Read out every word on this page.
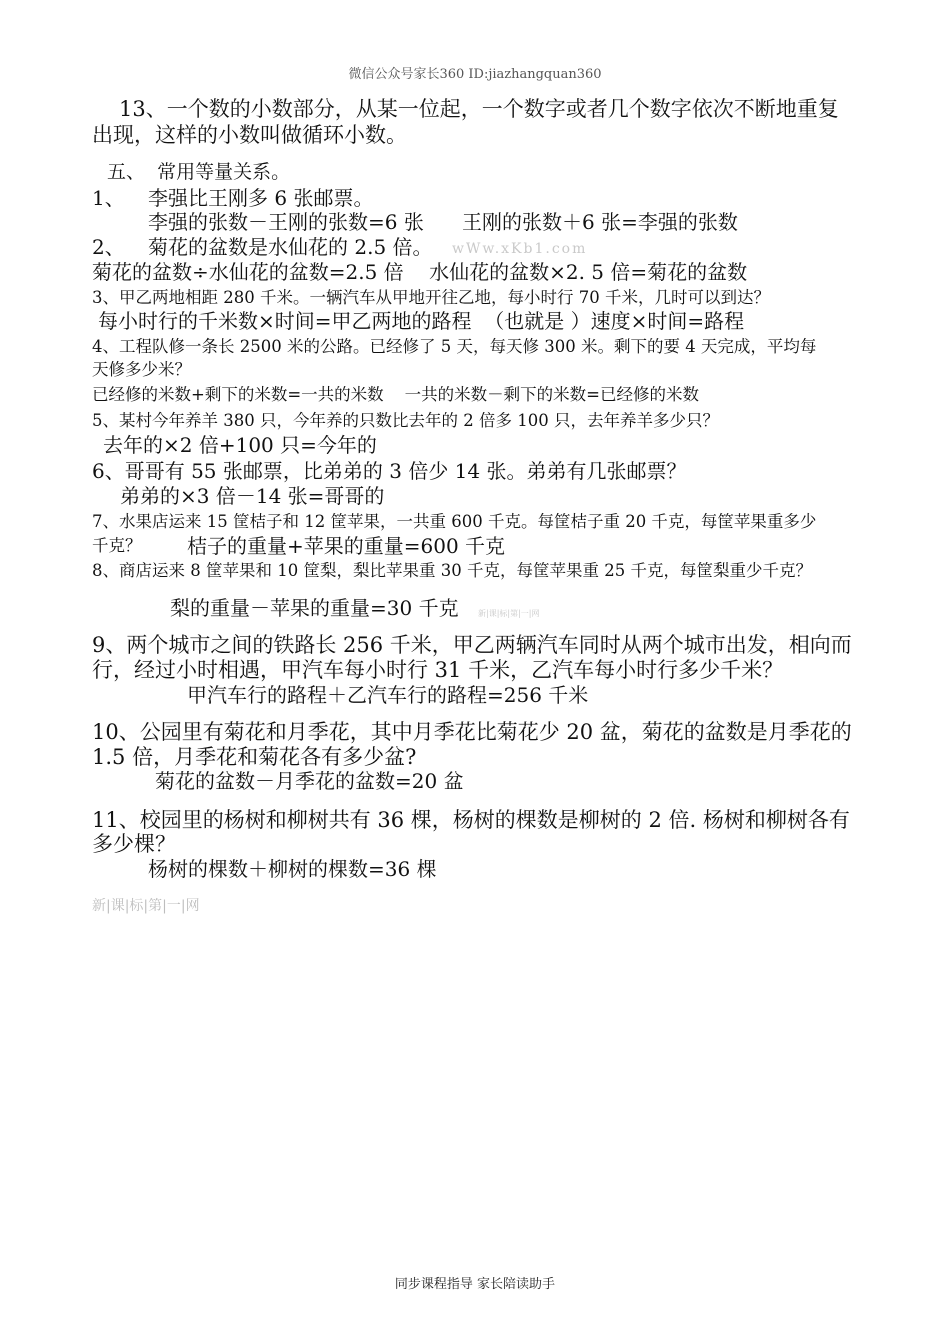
微信公众号家长360 ID:jiazhangquan360
13、一个数的小数部分，从某一位起，一个数字或者几个数字依次不断地重复
出现，这样的小数叫做循环小数。
五、  常用等量关系。
1、 李强比王刚多 6 张邮票。
李强的张数－王刚的张数=6 张      王刚的张数＋6 张=李强的张数
2、 菊花的盆数是水仙花的 2.5 倍。 wWw.xKb1.com
菊花的盆数÷水仙花的盆数=2.5 倍    水仙花的盆数×2. 5 倍=菊花的盆数
3、甲乙两地相距 280 千米。一辆汽车从甲地开往乙地，每小时行 70 千米，几时可以到达？
每小时行的千米数×时间=甲乙两地的路程  （也就是 ）速度×时间=路程
4、工程队修一条长 2500 米的公路。已经修了 5 天，每天修 300 米。剩下的要 4 天完成，平均每
天修多少米？
已经修的米数+剩下的米数=一共的米数    一共的米数－剩下的米数=已经修的米数
5、某村今年养羊 380 只，今年养的只数比去年的 2 倍多 100 只，去年养羊多少只？
去年的×2 倍+100 只=今年的
6、哥哥有 55 张邮票，比弟弟的 3 倍少 14 张。弟弟有几张邮票？
弟弟的×3 倍－14 张=哥哥的
7、水果店运来 15 筐桔子和 12 筐苹果，一共重 600 千克。每筐桔子重 20 千克，每筐苹果重多少
千克？ 桔子的重量+苹果的重量=600 千克
8、商店运来 8 筐苹果和 10 筐梨，梨比苹果重 30 千克，每筐苹果重 25 千克，每筐梨重少千克？
梨的重量－苹果的重量=30 千克 新|课|标|第|一|网
9、两个城市之间的铁路长 256 千米，甲乙两辆汽车同时从两个城市出发，相向而
行，经过小时相遇，甲汽车每小时行 31 千米，乙汽车每小时行多少千米？
甲汽车行的路程＋乙汽车行的路程=256 千米
10、公园里有菊花和月季花，其中月季花比菊花少 20 盆，菊花的盆数是月季花的
1.5 倍，月季花和菊花各有多少盆?
菊花的盆数－月季花的盆数=20 盆
11、校园里的杨树和柳树共有 36 棵，杨树的棵数是柳树的 2 倍. 杨树和柳树各有
多少棵？
杨树的棵数＋柳树的棵数=36 棵
新|课|标|第|一|网
同步课程指导 家长陪读助手
